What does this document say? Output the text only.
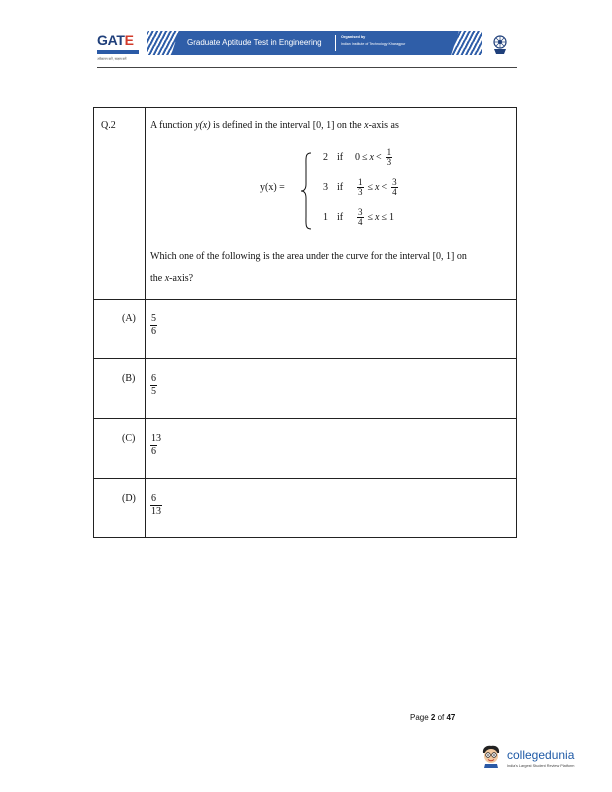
GATE
आँकलन करें, सक्षम बनें
Graduate Aptitude Test in Engineering
Organised by
Indian Institute of Technology Kharagpur
Q.2	A function y(x) is defined in the interval [0, 1] on the x-axis as
y(x) =
2 if	$0 \le x < \frac{1}{3}$
3 if	$\frac{1}{3} \le x < \frac{3}{4}$
1 if	$\frac{3}{4} \le x \le 1$
Which one of the following is the area under the curve for the interval [0, 1] on
the x-axis?
$(A) \frac{5}{6}$
$(B) \frac{6}{5}$
$(C) \frac{13}{6}$
$(D) \frac{6}{13}$
Page 2 of 47
collegedunia
India's Largest Student Review Platform
